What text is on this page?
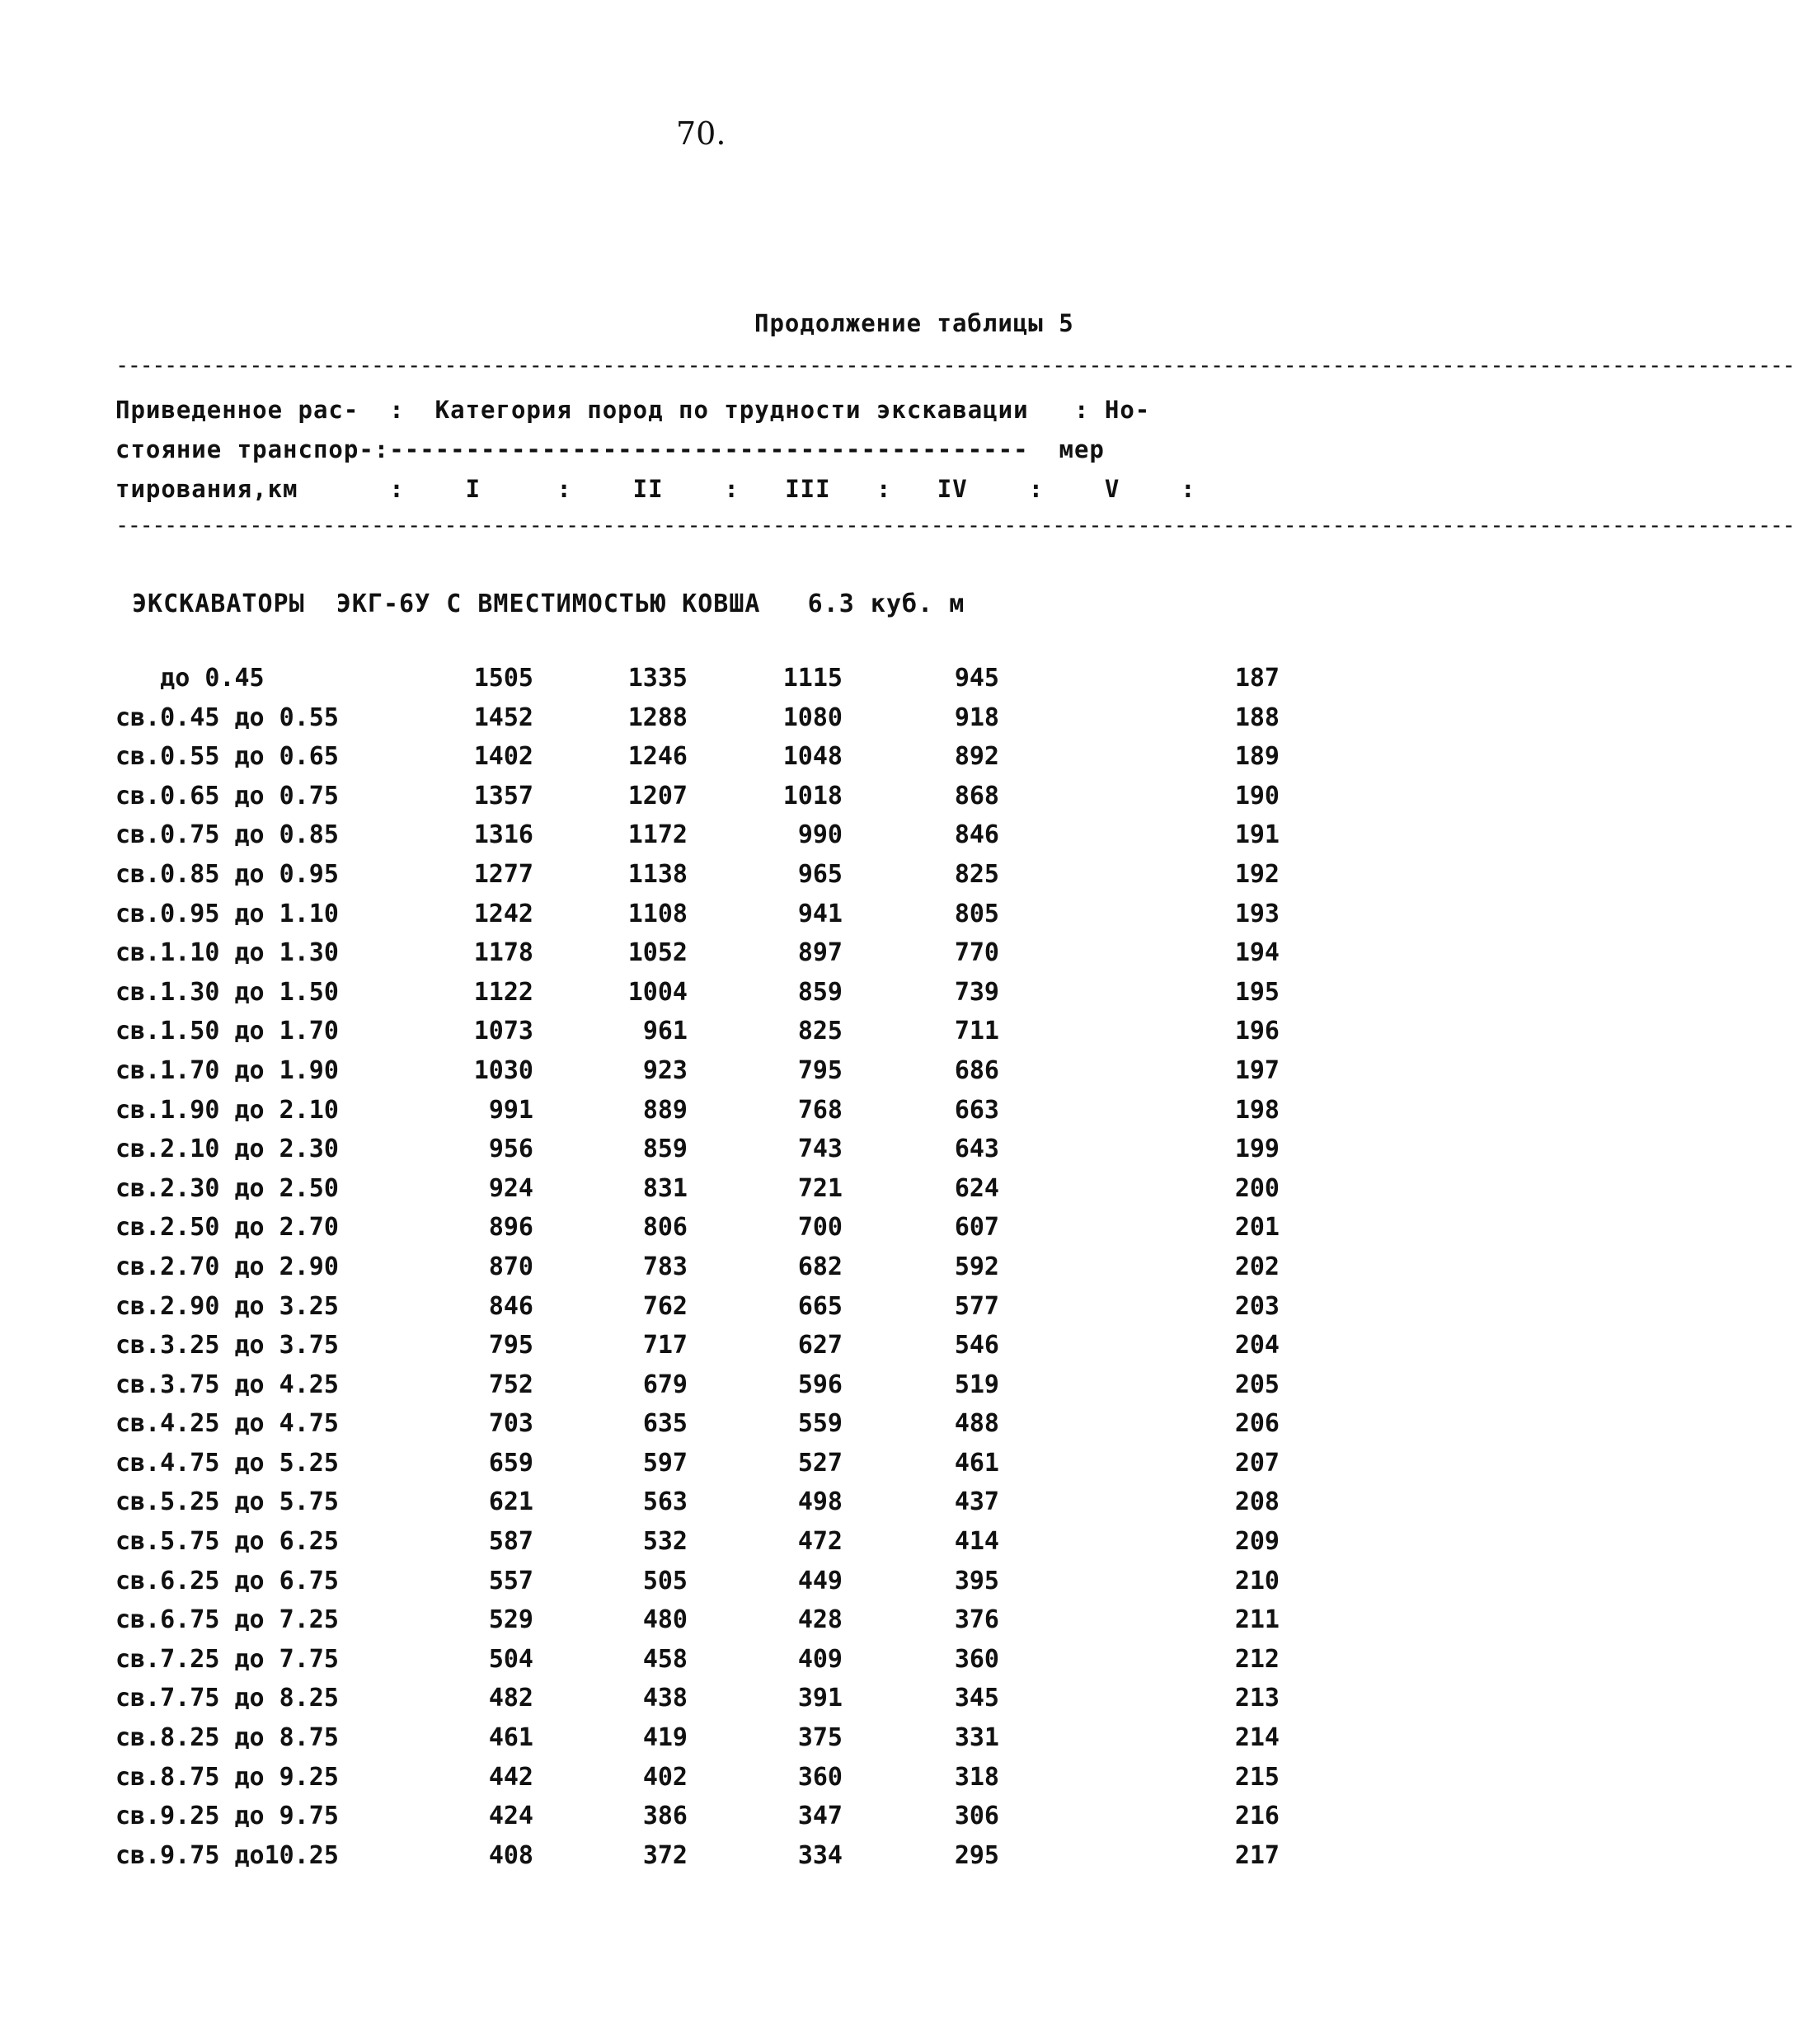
70.
Продолжение таблицы 5
------------------------------------------------------------------------------------------------------------------------------------------
Приведенное рас-  :  Категория пород по трудности экскавации   : Но-
стояние транспор-:------------------------------------------  мер
тирования,км      :    I     :    II    :   III   :   IV    :    V    :
------------------------------------------------------------------------------------------------------------------------------------------
ЭКСКАВАТОРЫ  ЭКГ-6У С ВМЕСТИМОСТЬЮ КОВША   6.3 куб. м
до 0.45	1505	1335	1115	945	187
св.0.45 до 0.55	1452	1288	1080	918	188
св.0.55 до 0.65	1402	1246	1048	892	189
св.0.65 до 0.75	1357	1207	1018	868	190
св.0.75 до 0.85	1316	1172	990	846	191
св.0.85 до 0.95	1277	1138	965	825	192
св.0.95 до 1.10	1242	1108	941	805	193
св.1.10 до 1.30	1178	1052	897	770	194
св.1.30 до 1.50	1122	1004	859	739	195
св.1.50 до 1.70	1073	961	825	711	196
св.1.70 до 1.90	1030	923	795	686	197
св.1.90 до 2.10	991	889	768	663	198
св.2.10 до 2.30	956	859	743	643	199
св.2.30 до 2.50	924	831	721	624	200
св.2.50 до 2.70	896	806	700	607	201
св.2.70 до 2.90	870	783	682	592	202
св.2.90 до 3.25	846	762	665	577	203
св.3.25 до 3.75	795	717	627	546	204
св.3.75 до 4.25	752	679	596	519	205
св.4.25 до 4.75	703	635	559	488	206
св.4.75 до 5.25	659	597	527	461	207
св.5.25 до 5.75	621	563	498	437	208
св.5.75 до 6.25	587	532	472	414	209
св.6.25 до 6.75	557	505	449	395	210
св.6.75 до 7.25	529	480	428	376	211
св.7.25 до 7.75	504	458	409	360	212
св.7.75 до 8.25	482	438	391	345	213
св.8.25 до 8.75	461	419	375	331	214
св.8.75 до 9.25	442	402	360	318	215
св.9.25 до 9.75	424	386	347	306	216
св.9.75 до10.25	408	372	334	295	217
